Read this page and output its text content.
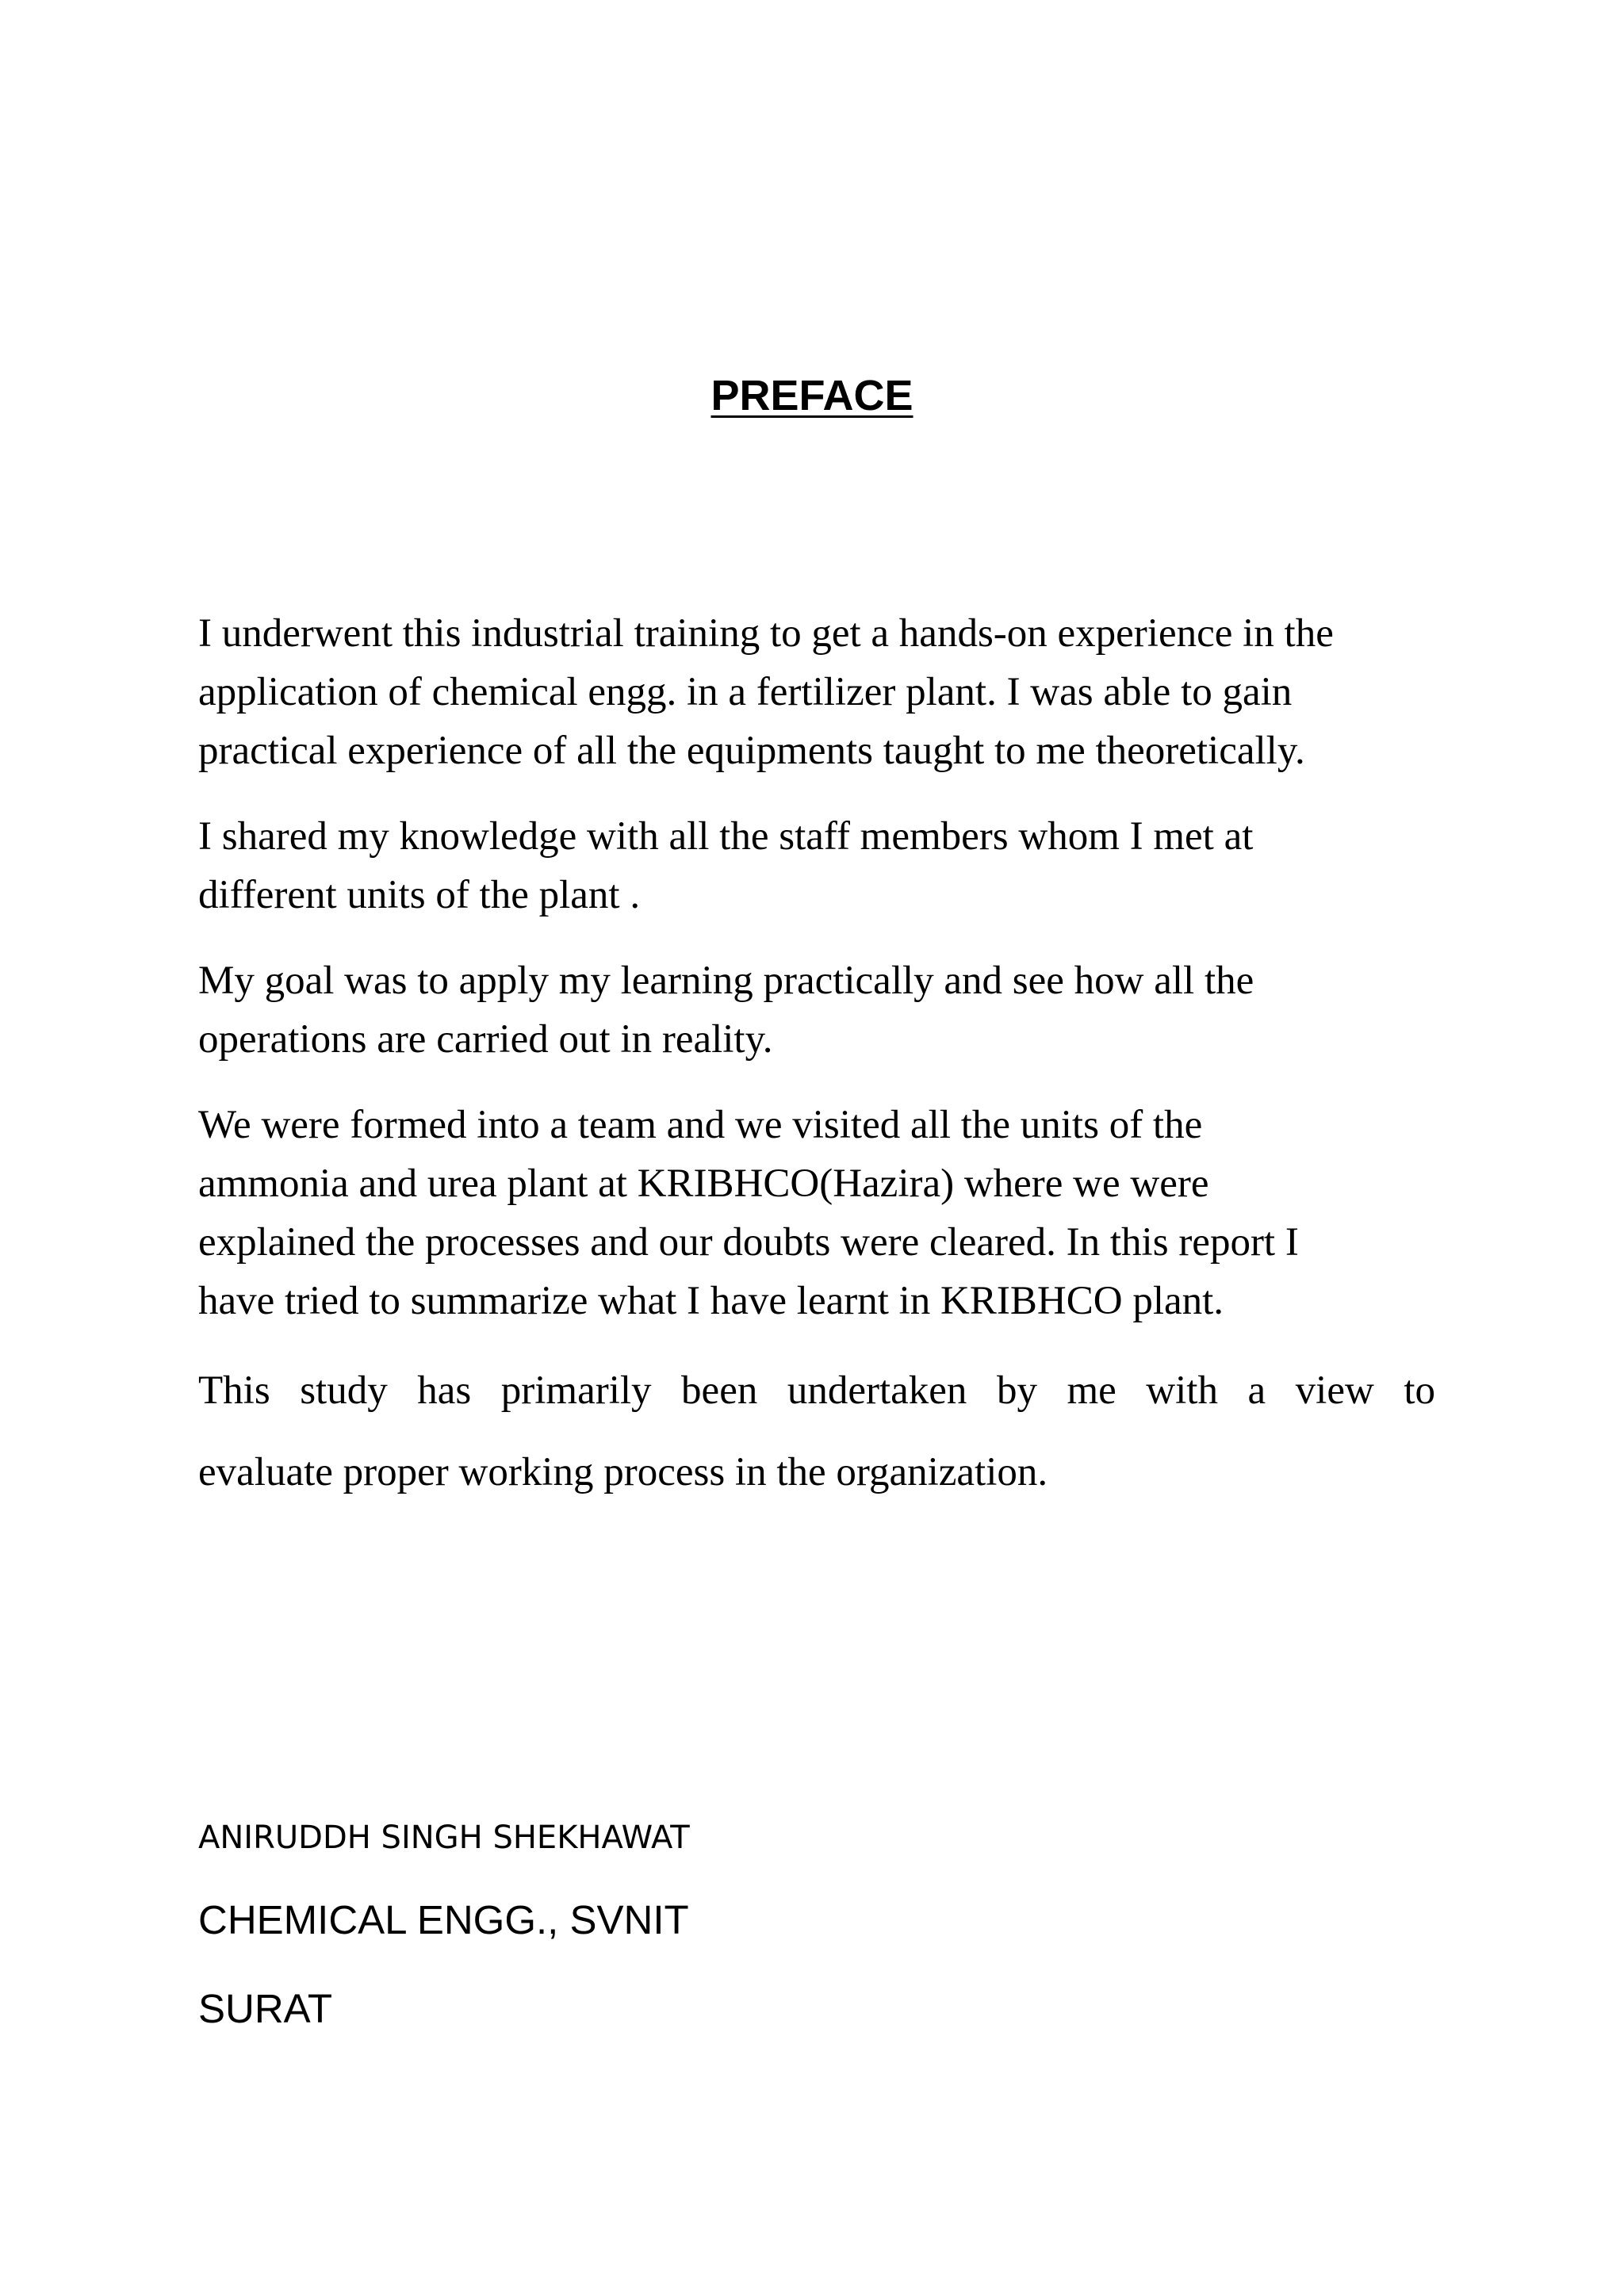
PREFACE

I underwent this industrial training to get a hands-on experience in the
application of chemical engg. in a fertilizer plant. I was able to gain
practical experience of all the equipments taught to me theoretically.

I shared my knowledge with all the staff members whom I met at
different units of the plant .

My goal was to apply my learning practically and see how all the
operations are carried out in reality.

We were formed into a team and we visited all the units of the
ammonia and urea plant at KRIBHCO(Hazira) where we were
explained the processes and our doubts were cleared. In this report I
have tried to summarize what I have learnt in KRIBHCO plant.

This study has primarily been undertaken by me with a view to

evaluate proper working process in the organization.

ANIRUDDH SINGH SHEKHAWAT
CHEMICAL ENGG., SVNIT
SURAT
